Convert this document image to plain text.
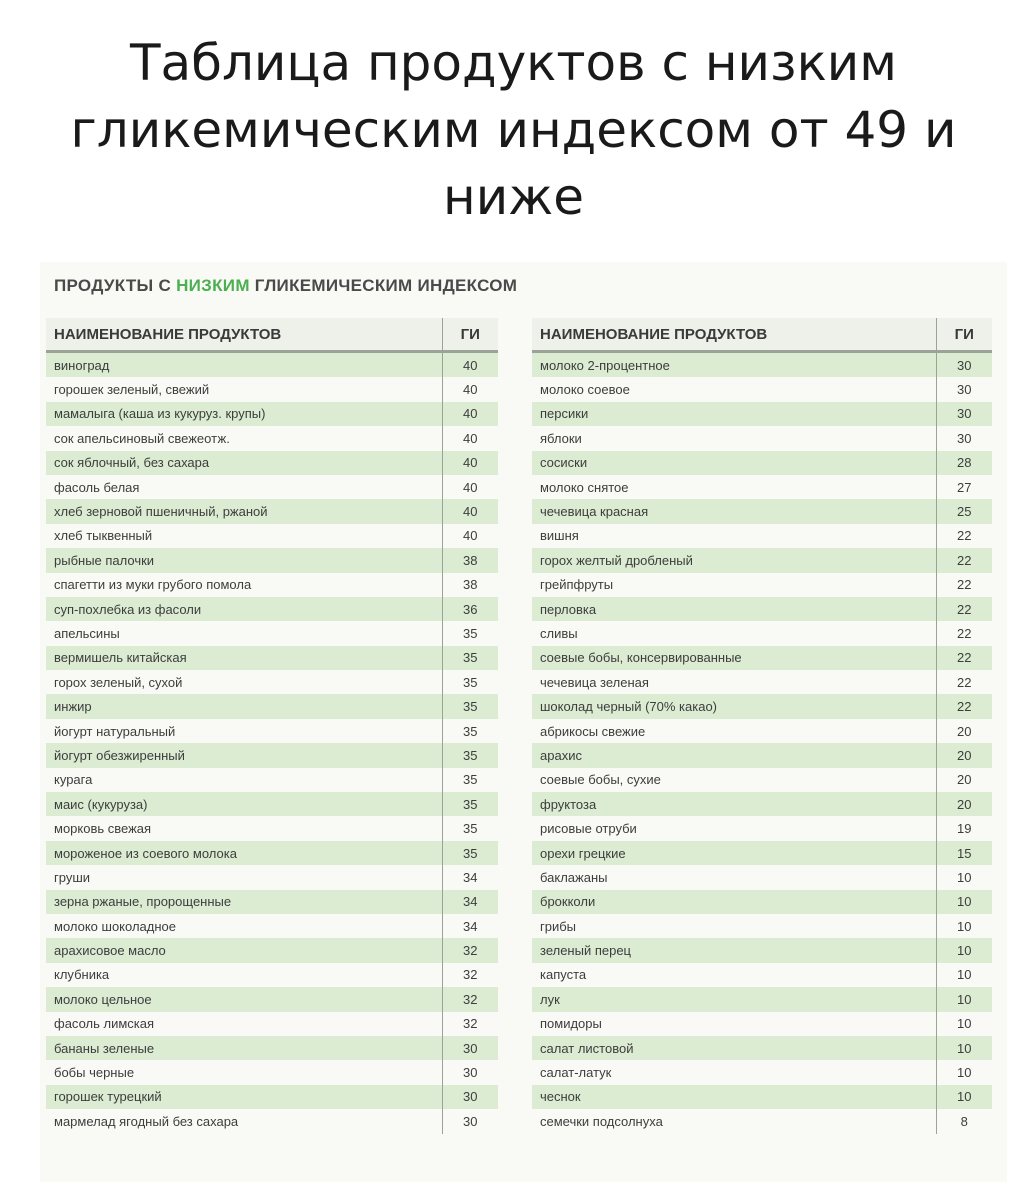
Таблица продуктов с низким
гликемическим индексом от 49 и
ниже
ПРОДУКТЫ С НИЗКИМ ГЛИКЕМИЧЕСКИМ ИНДЕКСОМ
НАИМЕНОВАНИЕ ПРОДУКТОВ	ГИ
виноград	40
горошек зеленый, свежий	40
мамалыга (каша из кукуруз. крупы)	40
сок апельсиновый свежеотж.	40
сок яблочный, без сахара	40
фасоль белая	40
хлеб зерновой пшеничный, ржаной	40
хлеб тыквенный	40
рыбные палочки	38
спагетти из муки грубого помола	38
суп-похлебка из фасоли	36
апельсины	35
вермишель китайская	35
горох зеленый, сухой	35
инжир	35
йогурт натуральный	35
йогурт обезжиренный	35
курага	35
маис (кукуруза)	35
морковь свежая	35
мороженое из соевого молока	35
груши	34
зерна ржаные, пророщенные	34
молоко шоколадное	34
арахисовое масло	32
клубника	32
молоко цельное	32
фасоль лимская	32
бананы зеленые	30
бобы черные	30
горошек турецкий	30
мармелад ягодный без сахара	30
НАИМЕНОВАНИЕ ПРОДУКТОВ	ГИ
молоко 2-процентное	30
молоко соевое	30
персики	30
яблоки	30
сосиски	28
молоко снятое	27
чечевица красная	25
вишня	22
горох желтый дробленый	22
грейпфруты	22
перловка	22
сливы	22
соевые бобы, консервированные	22
чечевица зеленая	22
шоколад черный (70% какао)	22
абрикосы свежие	20
арахис	20
соевые бобы, сухие	20
фруктоза	20
рисовые отруби	19
орехи грецкие	15
баклажаны	10
брокколи	10
грибы	10
зеленый перец	10
капуста	10
лук	10
помидоры	10
салат листовой	10
салат-латук	10
чеснок	10
семечки подсолнуха	8
